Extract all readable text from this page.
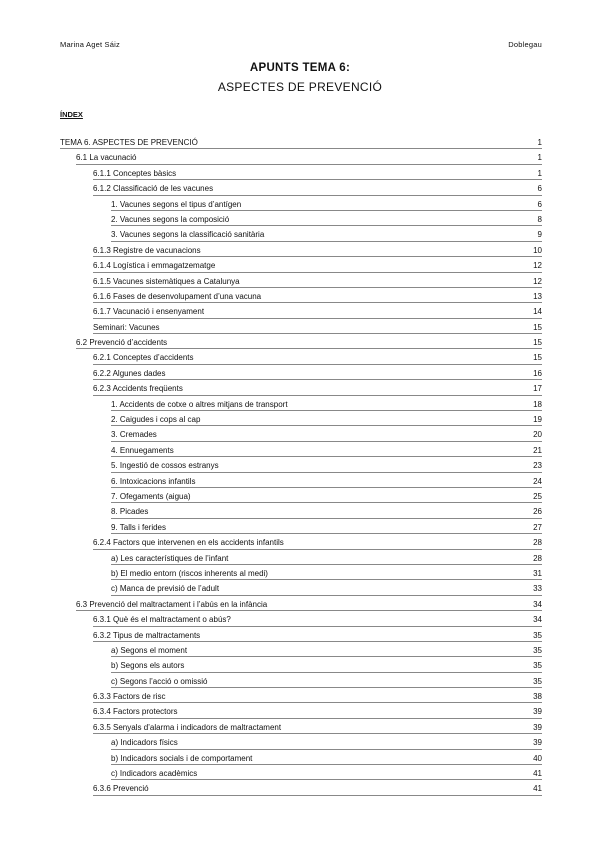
Marina Aget Sáiz	Doblegau
APUNTS TEMA 6:
ASPECTES DE PREVENCIÓ
ÍNDEX
TEMA 6. ASPECTES DE PREVENCIÓ	1
6.1 La vacunació	1
6.1.1 Conceptes bàsics	1
6.1.2 Classificació de les vacunes	6
1. Vacunes segons el tipus d’antígen	6
2. Vacunes segons la composició	8
3. Vacunes segons la classificació sanitària	9
6.1.3 Registre de vacunacions	10
6.1.4 Logística i emmagatzematge	12
6.1.5 Vacunes sistemàtiques a Catalunya	12
6.1.6 Fases de desenvolupament d’una vacuna	13
6.1.7 Vacunació i ensenyament	14
Seminari: Vacunes	15
6.2 Prevenció d’accidents	15
6.2.1 Conceptes d’accidents	15
6.2.2 Algunes dades	16
6.2.3 Accidents freqüents	17
1. Accidents de cotxe o altres mitjans de transport	18
2. Caigudes i cops al cap	19
3. Cremades	20
4. Ennuegaments	21
5. Ingestió de cossos estranys	23
6. Intoxicacions infantils	24
7. Ofegaments (aigua)	25
8. Picades	26
9. Talls i ferides	27
6.2.4 Factors que intervenen en els accidents infantils	28
a) Les característiques de l’infant	28
b) El medio entorn (riscos inherents al medi)	31
c) Manca de previsió de l’adult	33
6.3 Prevenció del maltractament i l’abús en la infància	34
6.3.1 Què és el maltractament o abús?	34
6.3.2 Tipus de maltractaments	35
a) Segons el moment	35
b) Segons els autors	35
c) Segons l’acció o omissió	35
6.3.3 Factors de risc	38
6.3.4 Factors protectors	39
6.3.5 Senyals d’alarma i indicadors de maltractament	39
a) Indicadors físics	39
b) Indicadors socials i de comportament	40
c) Indicadors acadèmics	41
6.3.6 Prevenció	41
